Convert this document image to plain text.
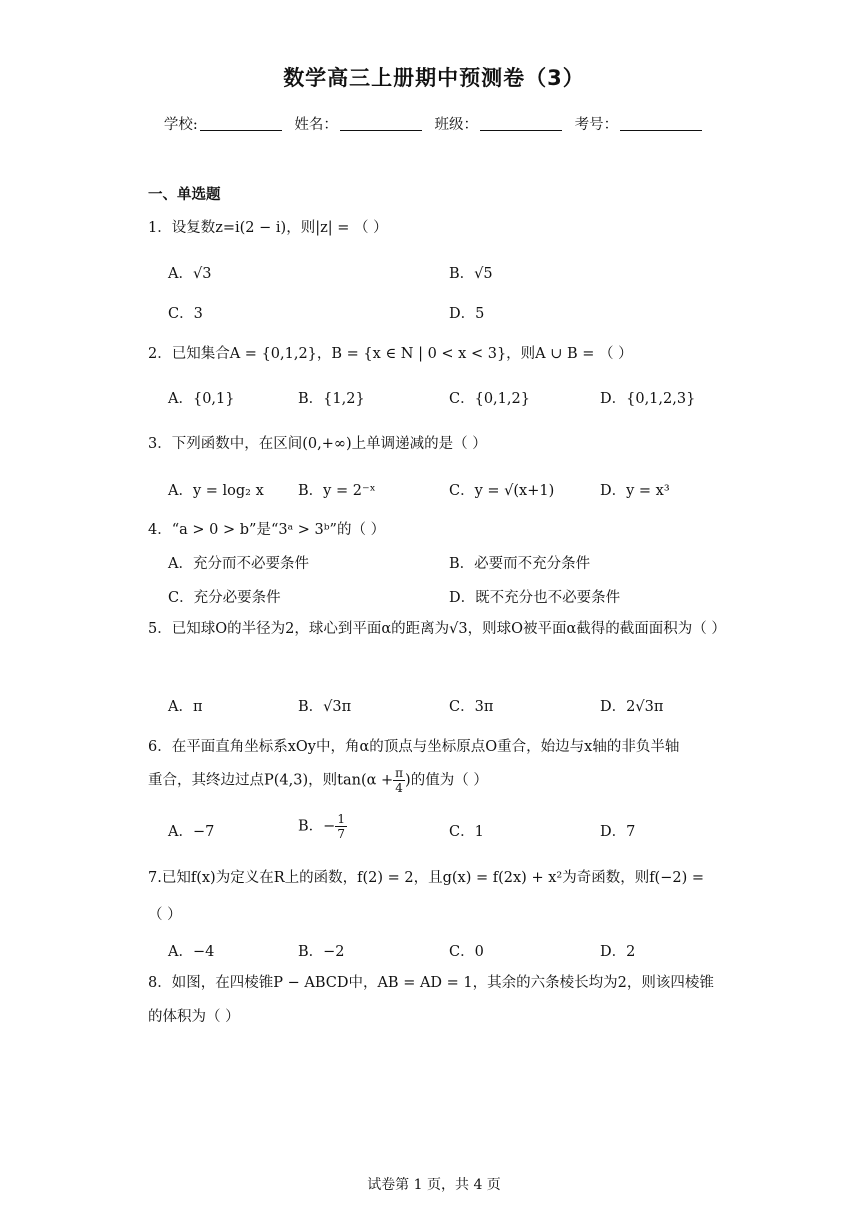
数学高三上册期中预测卷（3）
学校:	姓名：	班级：	考号：
一、单选题
1．设复数z=i(2 − i)，则|z| = （ ）
A．√3	B．√5
C．3	D．5
2．已知集合A = {0,1,2}，B = {x ∈ N | 0 < x < 3}，则A ∪ B = （ ）
A．{0,1}	B．{1,2}	C．{0,1,2}	D．{0,1,2,3}
3．下列函数中，在区间(0,+∞)上单调递减的是（ ）
A．y = log₂ x B．y = 2⁻ˣ	C．y = √(x+1)	D．y = x³
4．“a > 0 > b”是“3ᵃ > 3ᵇ”的（ ）
A．充分而不必要条件	B．必要而不充分条件
C．充分必要条件	D．既不充分也不必要条件
5．已知球O的半径为2，球心到平面α的距离为√3，则球O被平面α截得的截面面积为（ ）
A．π	B．√3π	C．3π	D．2√3π
6．在平面直角坐标系xOy中，角α的顶点与坐标原点O重合，始边与x轴的非负半轴
重合，其终边过点P(4,3)，则$\tan(\alpha + \frac{\pi}{4}$ )的值为（ ）
A．−7	B．− $\frac{1}{7}$	C．1	D．7
7.已知f(x)为定义在R上的函数，f(2) = 2，且g(x) = f(2x) + x²为奇函数，则f(−2) =
（ ）
A．−4	B．−2	C．0	D．2
8．如图，在四棱锥P − ABCD中，AB = AD = 1，其余的六条棱长均为2，则该四棱锥的体积为（ ）
试卷第 1 页，共 4 页
